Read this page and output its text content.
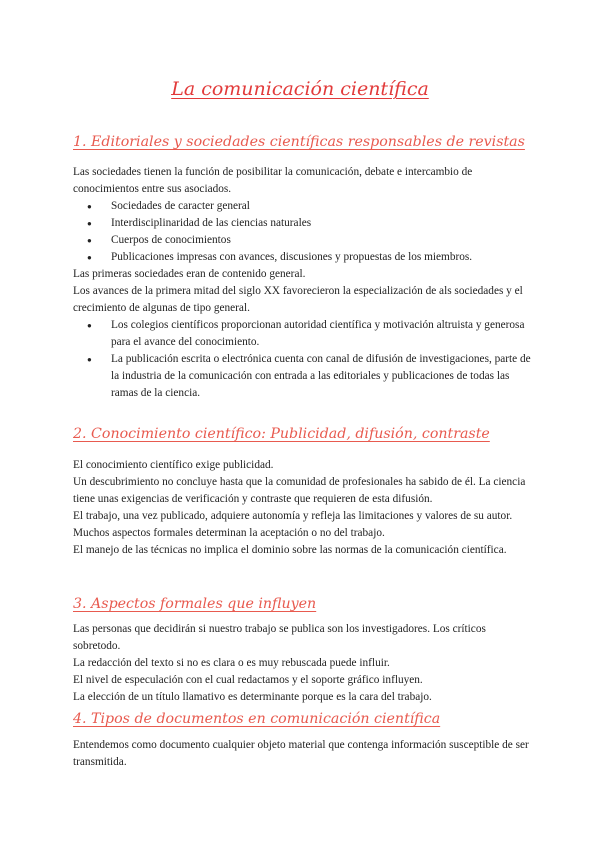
La comunicación científica
1. Editoriales y sociedades científicas responsables de revistas

Las sociedades tienen la función de posibilitar la comunicación, debate e intercambio de conocimientos entre sus asociados.

● Sociedades de caracter general
● Interdisciplinaridad de las ciencias naturales
● Cuerpos de conocimientos
● Publicaciones impresas con avances, discusiones y propuestas de los miembros.

Las primeras sociedades eran de contenido general.

Los avances de la primera mitad del siglo XX favorecieron la especialización de als sociedades y el crecimiento de algunas de tipo general.

● Los colegios científicos proporcionan autoridad científica y motivación altruista y generosa para el avance del conocimiento.
● La publicación escrita o electrónica cuenta con canal de difusión de investigaciones, parte de la industria de la comunicación con entrada a las editoriales y publicaciones de todas las ramas de la ciencia.
2. Conocimiento científico: Publicidad, difusión, contraste

El conocimiento científico exige publicidad.

Un descubrimiento no concluye hasta que la comunidad de profesionales ha sabido de él. La ciencia tiene unas exigencias de verificación y contraste que requieren de esta difusión.

El trabajo, una vez publicado, adquiere autonomía y refleja las limitaciones y valores de su autor.

Muchos aspectos formales determinan la aceptación o no del trabajo.

El manejo de las técnicas no implica el dominio sobre las normas de la comunicación científica.

3. Aspectos formales que influyen

Las personas que decidirán si nuestro trabajo se publica son los investigadores. Los críticos sobretodo.

La redacción del texto si no es clara o es muy rebuscada puede influir.

El nivel de especulación con el cual redactamos y el soporte gráfico influyen.

La elección de un título llamativo es determinante porque es la cara del trabajo.

4. Tipos de documentos en comunicación científica

Entendemos como documento cualquier objeto material que contenga información susceptible de ser transmitida.
